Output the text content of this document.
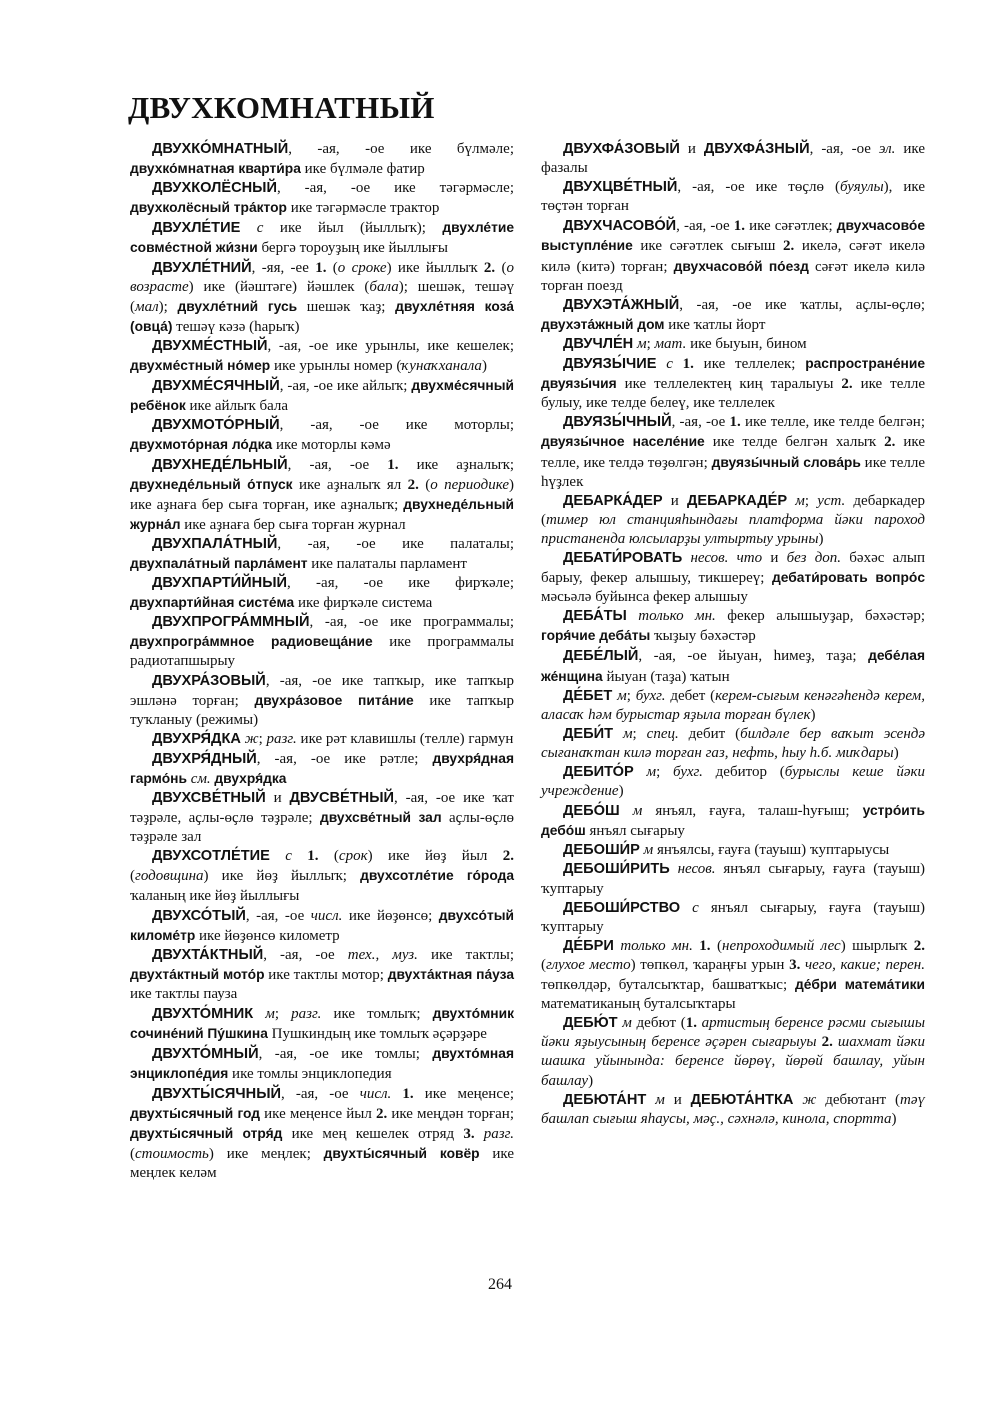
ДВУХКОМНАТНЫЙ

ДВУХКО́МНАТНЫЙ, -ая, -ое ике бүлмәле; двухко́мнатная кварти́ра ике бүлмәле фатир

ДВУХКОЛЁСНЫЙ, -ая, -ое ике тәгәрмәсле; двухколёсный тра́ктор ике тәгәрмәсле трактор

ДВУХЛЕ́ТИЕ с ике йыл (йыллыҡ); двухле́тие совме́стной жи́зни бергә тороуҙың ике йыллығы

ДВУХЛЕ́ТНИЙ, -яя, -ее 1. (о сроке) ике йыллыҡ 2. (о возрасте) ике (йәштәге) йәшлек (бала); шешәк, тешәү (мал); двухле́тний гусь шешәк ҡаҙ; двухле́тняя коза́ (овца́) тешәү кәзә (һарыҡ)

ДВУХМЕ́СТНЫЙ, -ая, -ое ике урынлы, ике кешелек; двухме́стный но́мер ике урынлы номер (ҡунаҡханала)

ДВУХМЕ́СЯЧНЫЙ, -ая, -ое ике айлыҡ; двухме́сячный ребёнок ике айлыҡ бала

ДВУХМОТО́РНЫЙ, -ая, -ое ике моторлы; двухмото́рная ло́дка ике моторлы кәмә

ДВУХНЕДЕ́ЛЬНЫЙ, -ая, -ое 1. ике аҙналыҡ; двухнеде́льный о́тпуск ике аҙналыҡ ял 2. (о периодике) ике аҙнаға бер сыға торған, ике аҙналыҡ; двухнеде́льный журна́л ике аҙнаға бер сыға торған журнал

ДВУХПАЛА́ТНЫЙ, -ая, -ое ике палаталы; двухпала́тный парла́мент ике палаталы парламент

ДВУХПАРТИ́ЙНЫЙ, -ая, -ое ике фирҡәле; двухпарти́йная систе́ма ике фирҡәле система

ДВУХПРОГРА́ММНЫЙ, -ая, -ое ике программалы; двухпрогра́ммное радиовеща́ние ике программалы радиотапшырыу

ДВУХРА́ЗОВЫЙ, -ая, -ое ике тапҡыр, ике тапҡыр эшләнә торған; двухра́зовое пита́ние ике тапҡыр туҡланыу (режимы)

ДВУХРЯ́ДКА ж; разг. ике рәт клавишлы (телле) гармун

ДВУХРЯ́ДНЫЙ, -ая, -ое ике рәтле; двухря́дная гармо́нь см. двухря́дка

ДВУХСВЕ́ТНЫЙ и ДВУСВЕ́ТНЫЙ, -ая, -ое ике ҡат тәҙрәле, аҫлы-өҫлө тәҙрәле; двухсве́тный зал аҫлы-өҫлө тәҙрәле зал

ДВУХСОТЛЕ́ТИЕ с 1. (срок) ике йөҙ йыл 2. (годовщина) ике йөҙ йыллыҡ; двухсотле́тие го́рода ҡаланың ике йөҙ йыллығы

ДВУХСО́ТЫЙ, -ая, -ое числ. ике йөҙөнсө; двухсо́тый киломе́тр ике йөҙөнсө километр

ДВУХТА́КТНЫЙ, -ая, -ое тех., муз. ике тактлы; двухта́ктный мото́р ике тактлы мотор; двухта́ктная па́уза ике тактлы пауза

ДВУХТО́МНИК м; разг. ике томлыҡ; двухто́мник сочине́ний Пу́шкина Пушкиндың ике томлыҡ әҫәрҙәре

ДВУХТО́МНЫЙ, -ая, -ое ике томлы; двухто́мная энциклопе́дия ике томлы энциклопедия

ДВУХТЫ́СЯЧНЫЙ, -ая, -ое числ. 1. ике меңенсе; двухты́сячный год ике меңенсе йыл 2. ике меңдән торған; двухты́сячный отря́д ике мең кешелек отряд 3. разг. (стоимость) ике меңлек; двухты́сячный ковёр ике меңлек келәм

ДВУХФА́ЗОВЫЙ и ДВУХФА́ЗНЫЙ, -ая, -ое эл. ике фазалы

ДВУХЦВЕ́ТНЫЙ, -ая, -ое ике төҫлө (буяулы), ике төҫтән торған

ДВУХЧАСОВО́Й, -ая, -ое 1. ике сәғәтлек; двухчасово́е выступле́ние ике сәғәтлек сығыш 2. икелә, сәғәт икелә килә (китә) торған; двухчасово́й по́езд сәғәт икелә килә торған поезд

ДВУХЭТА́ЖНЫЙ, -ая, -ое ике ҡатлы, аҫлы-өҫлө; двухэта́жный дом ике ҡатлы йорт

ДВУЧЛЕ́Н м; мат. ике быуын, бином

ДВУЯЗЫ́ЧИЕ с 1. ике теллелек; распростране́ние двуязы́чия ике теллелектең киң таралыуы 2. ике телле булыу, ике телде белеү, ике теллелек

ДВУЯЗЫ́ЧНЫЙ, -ая, -ое 1. ике телле, ике телде белгән; двуязы́чное населе́ние ике телде белгән халыҡ 2. ике телле, ике телдә төҙөлгән; двуязы́чный слова́рь ике телле һүҙлек

ДЕБАРКА́ДЕР и ДЕБАРКАДЕ́Р м; уст. дебаркадер (тимер юл станцияһындағы платформа йәки пароход пристаненда юлсыларҙы ултыртыу урыны)

ДЕБАТИ́РОВАТЬ несов. что и без доп. бәхәс алып барыу, фекер алышыу, тикшереү; дебати́ровать вопро́с мәсьәлә буйынса фекер алышыу

ДЕБА́ТЫ только мн. фекер алышыуҙар, бәхәстәр; горя́чие деба́ты ҡыҙыу бәхәстәр

ДЕБЕ́ЛЫЙ, -ая, -ое йыуан, һимеҙ, таҙа; дебе́лая же́нщина йыуан (таҙа) ҡатын

ДЕ́БЕТ м; бухг. дебет (керем-сығым кенәгәһендә керем, аласаҡ һәм бурыстар яҙыла торған бүлек)

ДЕБИ́Т м; спец. дебит (билдәле бер ваҡыт эсендә сығанаҡтан килә торған газ, нефть, һыу һ.б. миҡдары)

ДЕБИТО́Р м; бухг. дебитор (бурыслы кеше йәки учреждение)

ДЕБО́Ш м янъял, ғауға, талаш-һуғыш; устро́ить дебо́ш янъял сығарыу

ДЕБОШИ́Р м янъялсы, ғауға (тауыш) ҡуптарыусы

ДЕБОШИ́РИТЬ несов. янъял сығарыу, ғауға (тауыш) ҡуптарыу

ДЕБОШИ́РСТВО с янъял сығарыу, ғауға (тауыш) ҡуптарыу

ДЕ́БРИ только мн. 1. (непроходимый лес) шырлыҡ 2. (глухое место) төпкөл, ҡараңғы урын 3. чего, какие; перен. төпкөлдәр, буталсыҡтар, башватҡыс; де́бри матема́тики математиканың буталсыҡтары

ДЕБЮ́Т м дебют (1. артистың беренсе рәсми сығышы йәки яҙыусының беренсе әҫәрен сығарыуы 2. шахмат йәки шашка уйынында: беренсе йөрөү, йөрөй башлау, уйын башлау)

ДЕБЮТА́НТ м и ДЕБЮТА́НТКА ж дебютант (тәү башлап сығыш яһаусы, мәҫ., сәхнәлә, кинола, спортта)

264
